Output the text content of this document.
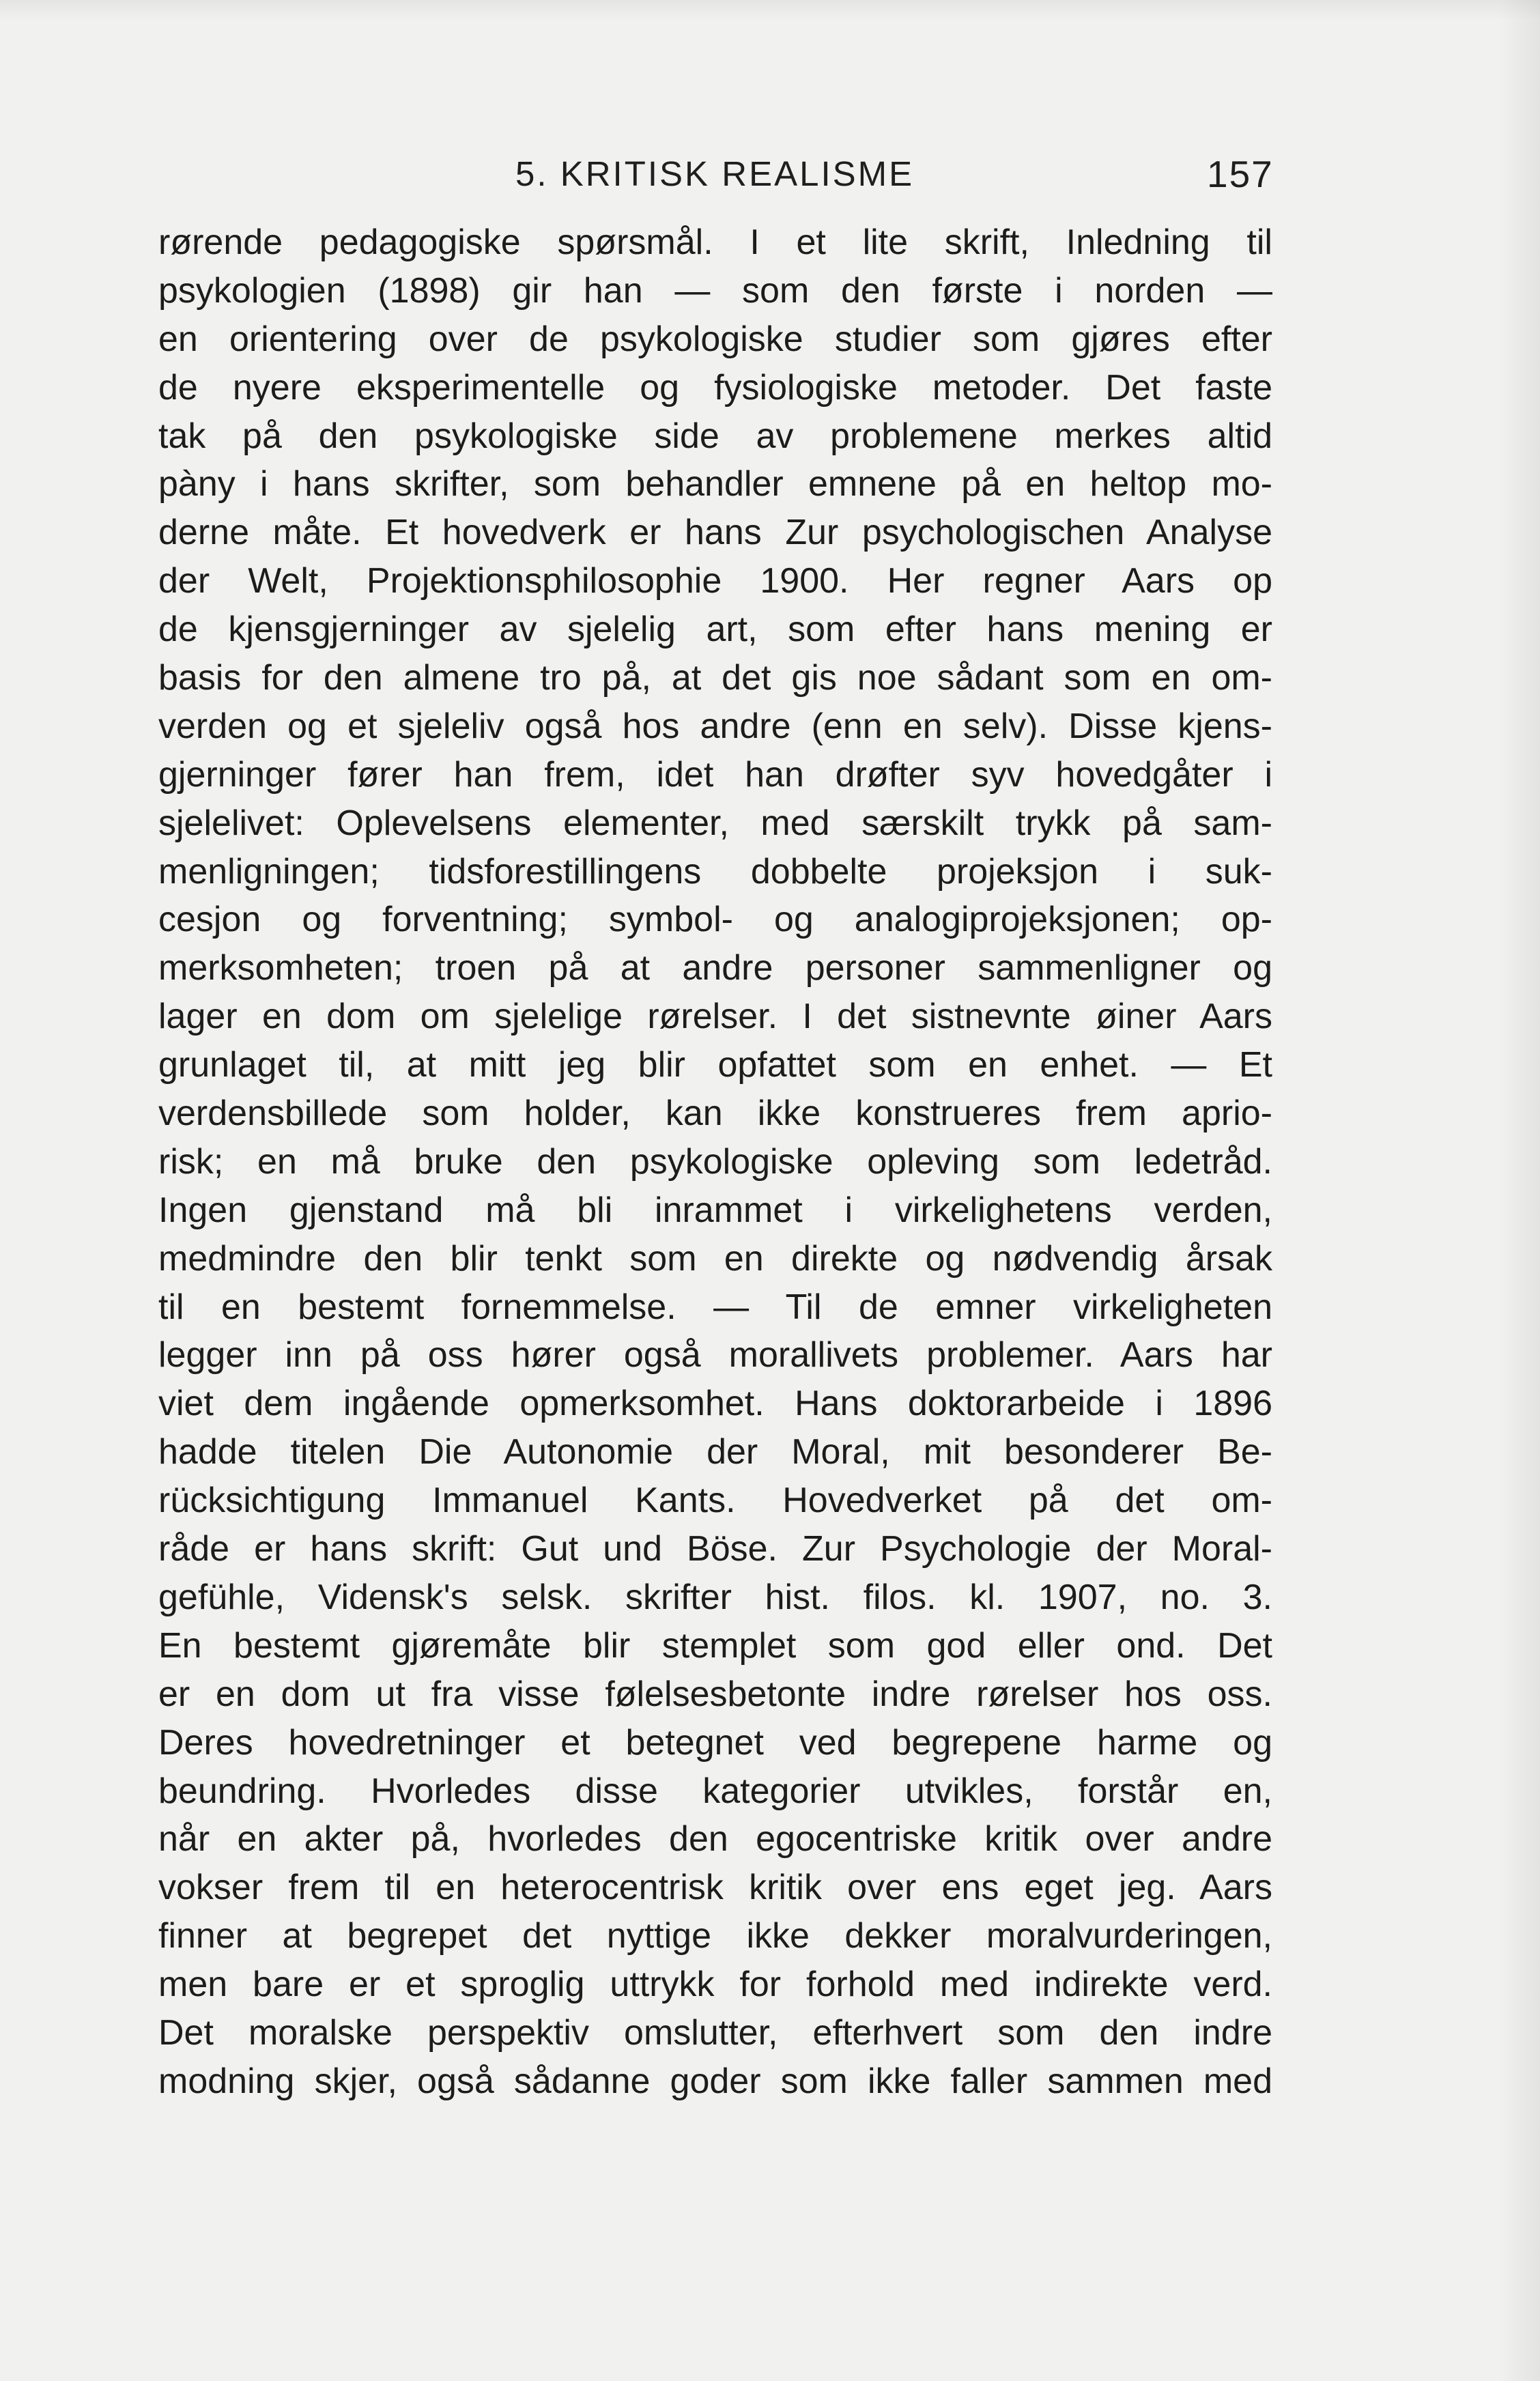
5. KRITISK REALISME	157
rørende pedagogiske spørsmål. I et lite skrift, Inledning til
psykologien (1898) gir han — som den første i norden —
en orientering over de psykologiske studier som gjøres efter
de nyere eksperimentelle og fysiologiske metoder. Det faste
tak på den psykologiske side av problemene merkes altid
pàny i hans skrifter, som behandler emnene på en heltop mo-
derne måte. Et hovedverk er hans Zur psychologischen Analyse
der Welt, Projektionsphilosophie 1900. Her regner Aars op
de kjensgjerninger av sjelelig art, som efter hans mening er
basis for den almene tro på, at det gis noe sådant som en om-
verden og et sjeleliv også hos andre (enn en selv). Disse kjens-
gjerninger fører han frem, idet han drøfter syv hovedgåter i
sjelelivet: Oplevelsens elementer, med særskilt trykk på sam-
menligningen; tidsforestillingens dobbelte projeksjon i suk-
cesjon og forventning; symbol- og analogiprojeksjonen; op-
merksomheten; troen på at andre personer sammenligner og
lager en dom om sjelelige rørelser. I det sistnevnte øiner Aars
grunlaget til, at mitt jeg blir opfattet som en enhet. — Et
verdensbillede som holder, kan ikke konstrueres frem aprio-
risk; en må bruke den psykologiske opleving som ledetråd.
Ingen gjenstand må bli inrammet i virkelighetens verden,
medmindre den blir tenkt som en direkte og nødvendig årsak
til en bestemt fornemmelse. — Til de emner virkeligheten
legger inn på oss hører også morallivets problemer. Aars har
viet dem ingående opmerksomhet. Hans doktorarbeide i 1896
hadde titelen Die Autonomie der Moral, mit besonderer Be-
rücksichtigung Immanuel Kants. Hovedverket på det om-
råde er hans skrift: Gut und Böse. Zur Psychologie der Moral-
gefühle, Vidensk's selsk. skrifter hist. filos. kl. 1907, no. 3.
En bestemt gjøremåte blir stemplet som god eller ond. Det
er en dom ut fra visse følelsesbetonte indre rørelser hos oss.
Deres hovedretninger et betegnet ved begrepene harme og
beundring. Hvorledes disse kategorier utvikles, forstår en,
når en akter på, hvorledes den egocentriske kritik over andre
vokser frem til en heterocentrisk kritik over ens eget jeg. Aars
finner at begrepet det nyttige ikke dekker moralvurderingen,
men bare er et sproglig uttrykk for forhold med indirekte verd.
Det moralske perspektiv omslutter, efterhvert som den indre
modning skjer, også sådanne goder som ikke faller sammen med
